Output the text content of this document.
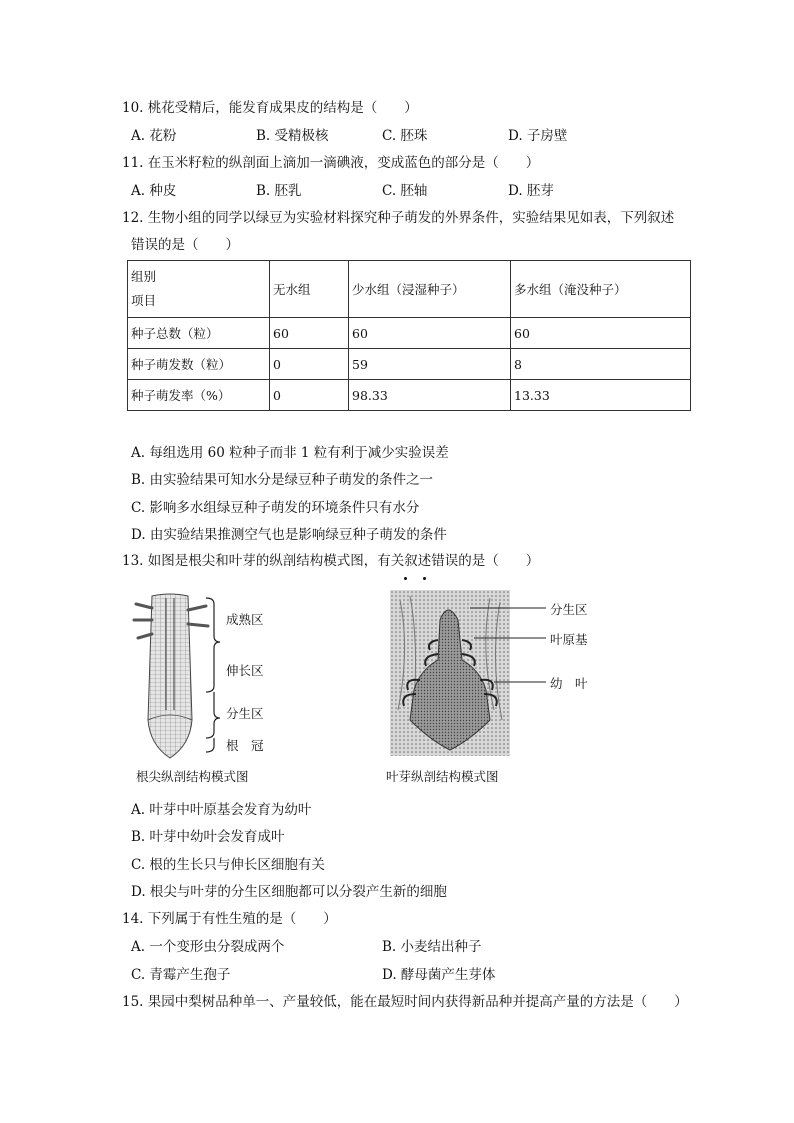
10. 桃花受精后，能发育成果皮的结构是（　　）
A. 花粉	B. 受精极核	C. 胚珠	D. 子房壁
11. 在玉米籽粒的纵剖面上滴加一滴碘液，变成蓝色的部分是（　　）
A. 种皮	B. 胚乳	C. 胚轴	D. 胚芽
12. 生物小组的同学以绿豆为实验材料探究种子萌发的外界条件，实验结果见如表，下列叙述
错误的是（　　）
组别
项目	无水组	少水组（浸湿种子）	多水组（淹没种子）
种子总数（粒）	60	60	60
种子萌发数（粒）	0	59	8
种子萌发率（%）	0	98.33	13.33
A. 每组选用 60 粒种子而非 1 粒有利于减少实验误差
B. 由实验结果可知水分是绿豆种子萌发的条件之一
C. 影响多水组绿豆种子萌发的环境条件只有水分
D. 由实验结果推测空气也是影响绿豆种子萌发的条件
13. 如图是根尖和叶芽的纵剖结构模式图，有关叙述错误的是（　　）
成熟区
伸长区
分生区
根　冠
根尖纵剖结构模式图
分生区
叶原基
幼　叶
叶芽纵剖结构模式图
A. 叶芽中叶原基会发育为幼叶
B. 叶芽中幼叶会发育成叶
C. 根的生长只与伸长区细胞有关
D. 根尖与叶芽的分生区细胞都可以分裂产生新的细胞
14. 下列属于有性生殖的是（　　）
A. 一个变形虫分裂成两个	B. 小麦结出种子
C. 青霉产生孢子	D. 酵母菌产生芽体
15. 果园中梨树品种单一、产量较低，能在最短时间内获得新品种并提高产量的方法是（　　）
